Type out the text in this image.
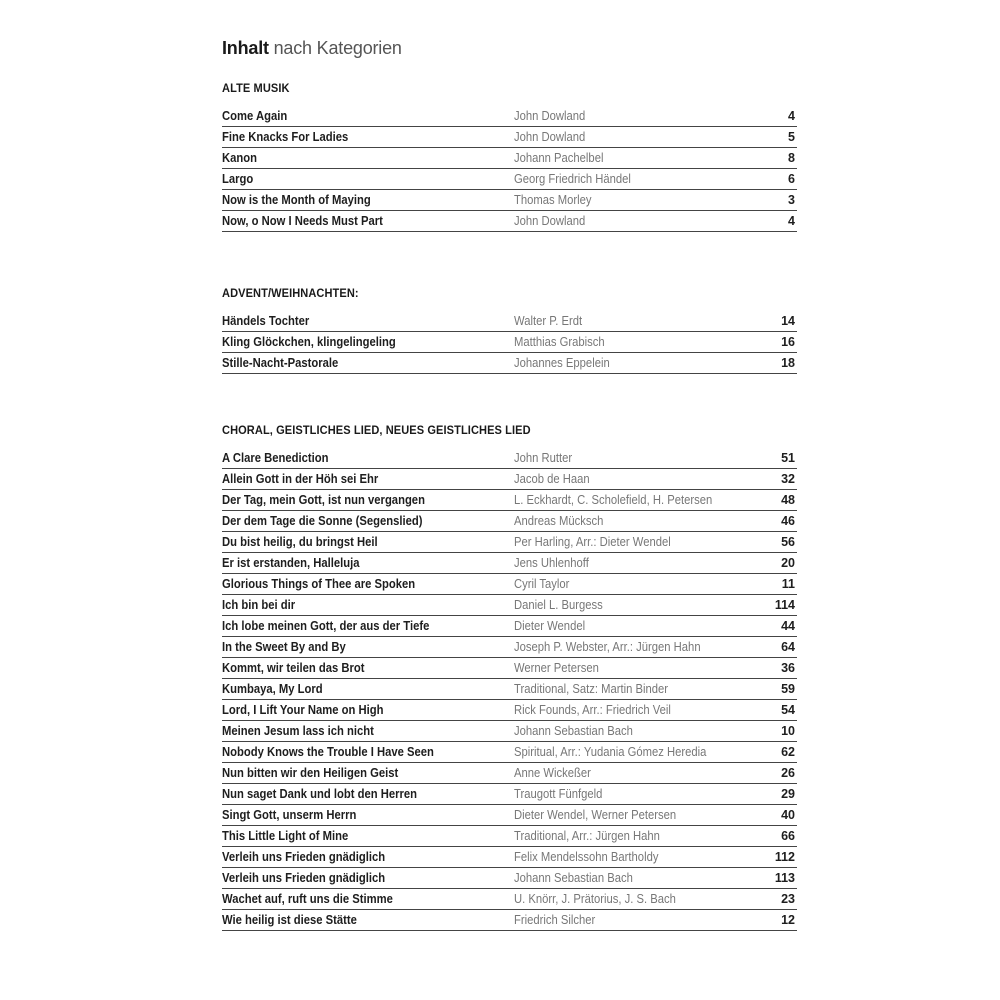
Inhalt nach Kategorien
ALTE MUSIK
Come Again	John Dowland	4
Fine Knacks For Ladies	John Dowland	5
Kanon	Johann Pachelbel	8
Largo	Georg Friedrich Händel	6
Now is the Month of Maying	Thomas Morley	3
Now, o Now I Needs Must Part	John Dowland	4
ADVENT/WEIHNACHTEN:
Händels Tochter	Walter P. Erdt	14
Kling Glöckchen, klingelingeling	Matthias Grabisch	16
Stille-Nacht-Pastorale	Johannes Eppelein	18
CHORAL, GEISTLICHES LIED, NEUES GEISTLICHES LIED
A Clare Benediction	John Rutter	51
Allein Gott in der Höh sei Ehr	Jacob de Haan	32
Der Tag, mein Gott, ist nun vergangen	L. Eckhardt, C. Scholefield, H. Petersen	48
Der dem Tage die Sonne (Segenslied)	Andreas Mücksch	46
Du bist heilig, du bringst Heil	Per Harling, Arr.: Dieter Wendel	56
Er ist erstanden, Halleluja	Jens Uhlenhoff	20
Glorious Things of Thee are Spoken	Cyril Taylor	11
Ich bin bei dir	Daniel L. Burgess	114
Ich lobe meinen Gott, der aus der Tiefe	Dieter Wendel	44
In the Sweet By and By	Joseph P. Webster, Arr.: Jürgen Hahn	64
Kommt, wir teilen das Brot	Werner Petersen	36
Kumbaya, My Lord	Traditional, Satz: Martin Binder	59
Lord, I Lift Your Name on High	Rick Founds, Arr.: Friedrich Veil	54
Meinen Jesum lass ich nicht	Johann Sebastian Bach	10
Nobody Knows the Trouble I Have Seen	Spiritual, Arr.: Yudania Gómez Heredia	62
Nun bitten wir den Heiligen Geist	Anne Wickeßer	26
Nun saget Dank und lobt den Herren	Traugott Fünfgeld	29
Singt Gott, unserm Herrn	Dieter Wendel, Werner Petersen	40
This Little Light of Mine	Traditional, Arr.: Jürgen Hahn	66
Verleih uns Frieden gnädiglich	Felix Mendelssohn Bartholdy	112
Verleih uns Frieden gnädiglich	Johann Sebastian Bach	113
Wachet auf, ruft uns die Stimme	U. Knörr, J. Prätorius, J. S. Bach	23
Wie heilig ist diese Stätte	Friedrich Silcher	12
